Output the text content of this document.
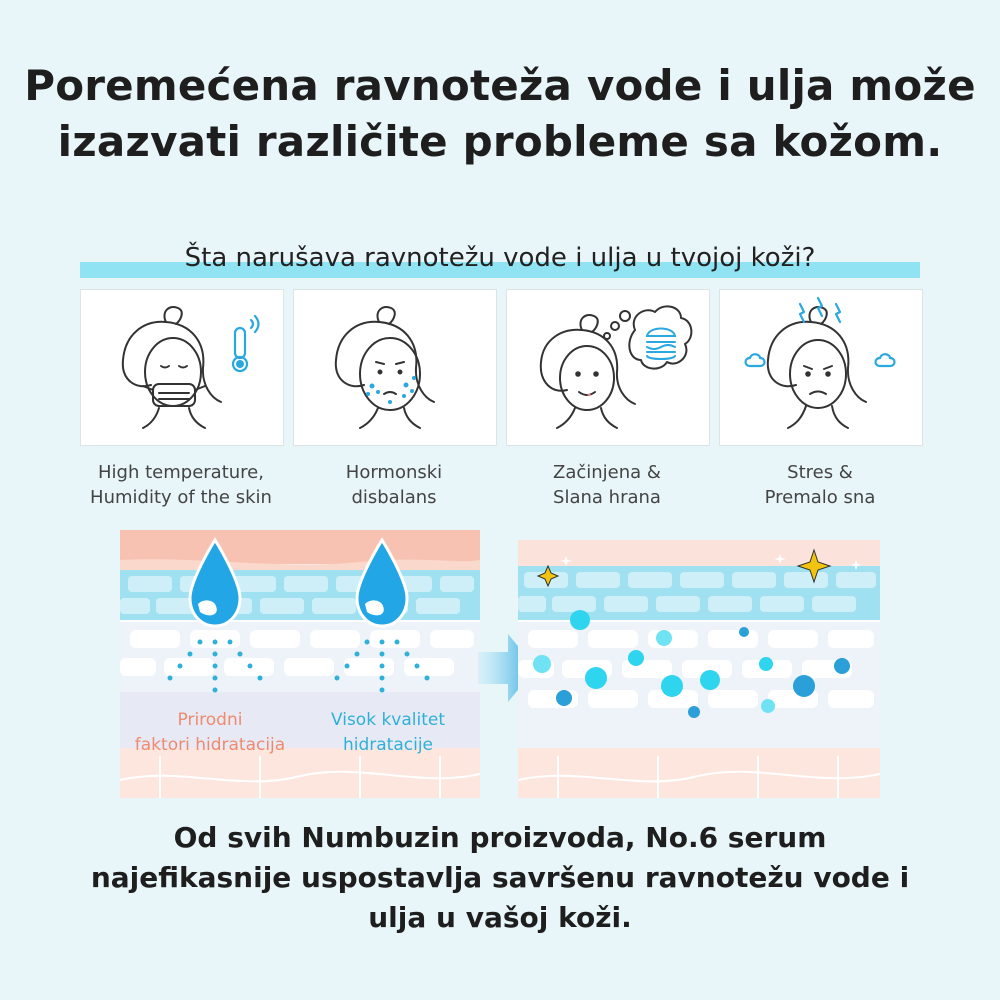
Poremećena ravnoteža vode i ulja može
izazvati različite probleme sa kožom.
Šta narušava ravnotežu vode i ulja u tvojoj koži?
High temperature,
Humidity of the skin
Hormonski
disbalans
Začinjena &
Slana hrana
Stres &
Premalo sna
Prirodni
faktori hidratacija
Visok kvalitet
hidratacije
Od svih Numbuzin proizvoda, No.6 serum
najefikasnije uspostavlja savršenu ravnotežu vode i
ulja u vašoj koži.
